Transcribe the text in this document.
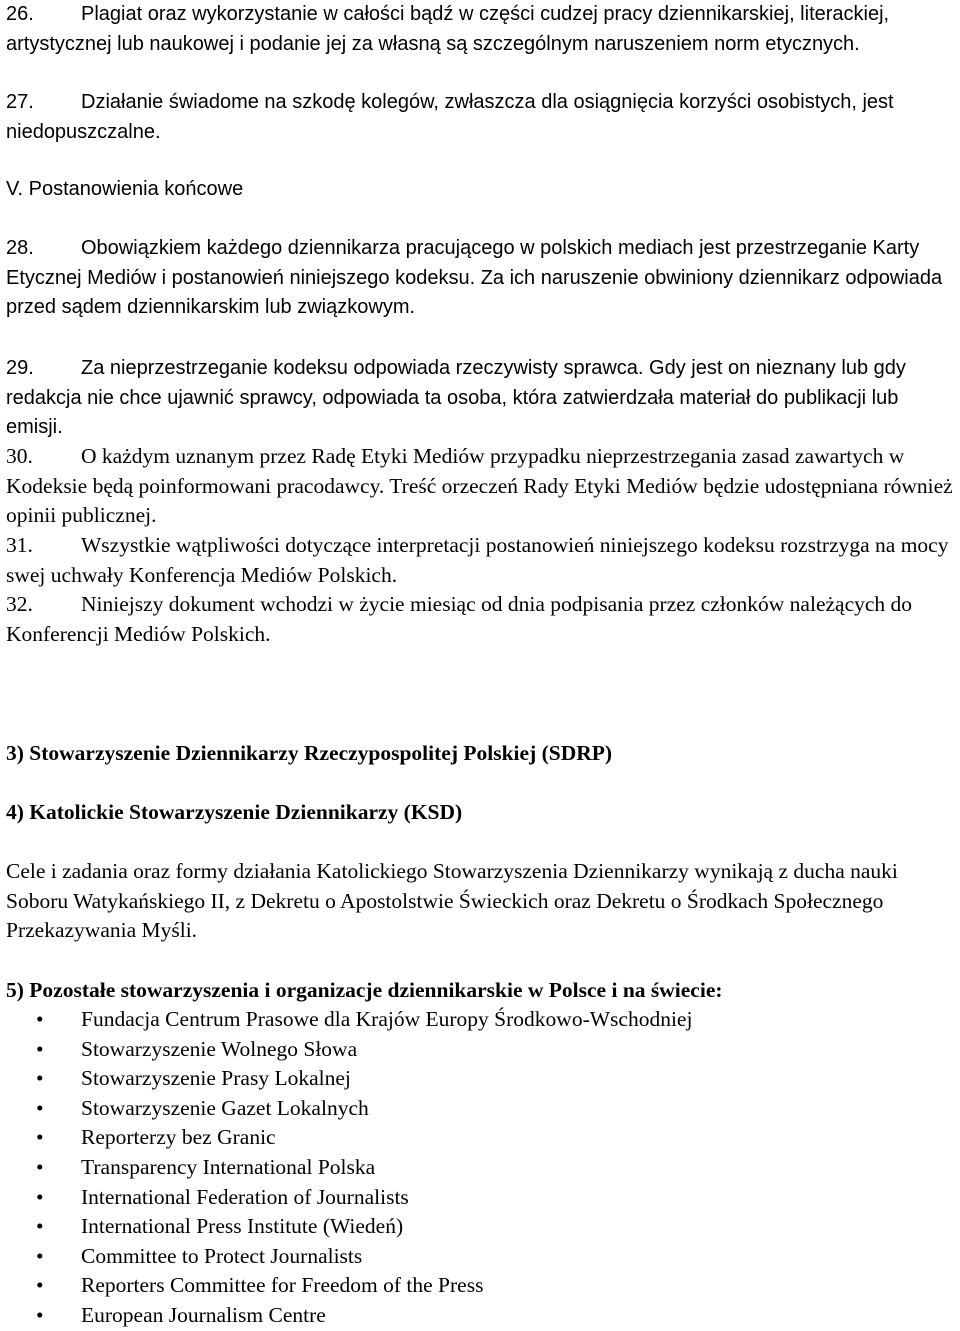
26.	Plagiat oraz wykorzystanie w całości bądź w części cudzej pracy dziennikarskiej, literackiej, artystycznej lub naukowej i podanie jej za własną są szczególnym naruszeniem norm etycznych.
27.	Działanie świadome na szkodę kolegów, zwłaszcza dla osiągnięcia korzyści osobistych, jest niedopuszczalne.
V. Postanowienia końcowe
28.	Obowiązkiem każdego dziennikarza pracującego w polskich mediach jest przestrzeganie Karty Etycznej Mediów i postanowień niniejszego kodeksu. Za ich naruszenie obwiniony dziennikarz odpowiada przed sądem dziennikarskim lub związkowym.
29.	Za nieprzestrzeganie kodeksu odpowiada rzeczywisty sprawca. Gdy jest on nieznany lub gdy redakcja nie chce ujawnić sprawcy, odpowiada ta osoba, która zatwierdzała materiał do publikacji lub emisji.
30.	O każdym uznanym przez Radę Etyki Mediów przypadku nieprzestrzegania zasad zawartych w Kodeksie będą poinformowani pracodawcy. Treść orzeczeń Rady Etyki Mediów będzie udostępniana również opinii publicznej.
31.	Wszystkie wątpliwości dotyczące interpretacji postanowień niniejszego kodeksu rozstrzyga na mocy swej uchwały Konferencja Mediów Polskich.
32.	Niniejszy dokument wchodzi w życie miesiąc od dnia podpisania przez członków należących do Konferencji Mediów Polskich.
3) Stowarzyszenie Dziennikarzy Rzeczypospolitej Polskiej (SDRP)
4) Katolickie Stowarzyszenie Dziennikarzy (KSD)
Cele i zadania oraz formy działania Katolickiego Stowarzyszenia Dziennikarzy wynikają z ducha nauki Soboru Watykańskiego II, z Dekretu o Apostolstwie Świeckich oraz Dekretu o Środkach Społecznego Przekazywania Myśli.
5) Pozostałe stowarzyszenia i organizacje dziennikarskie w Polsce i na świecie:
• Fundacja Centrum Prasowe dla Krajów Europy Środkowo-Wschodniej
• Stowarzyszenie Wolnego Słowa
• Stowarzyszenie Prasy Lokalnej
• Stowarzyszenie Gazet Lokalnych
• Reporterzy bez Granic
• Transparency International Polska
• International Federation of Journalists
• International Press Institute (Wiedeń)
• Committee to Protect Journalists
• Reporters Committee for Freedom of the Press
• European Journalism Centre
